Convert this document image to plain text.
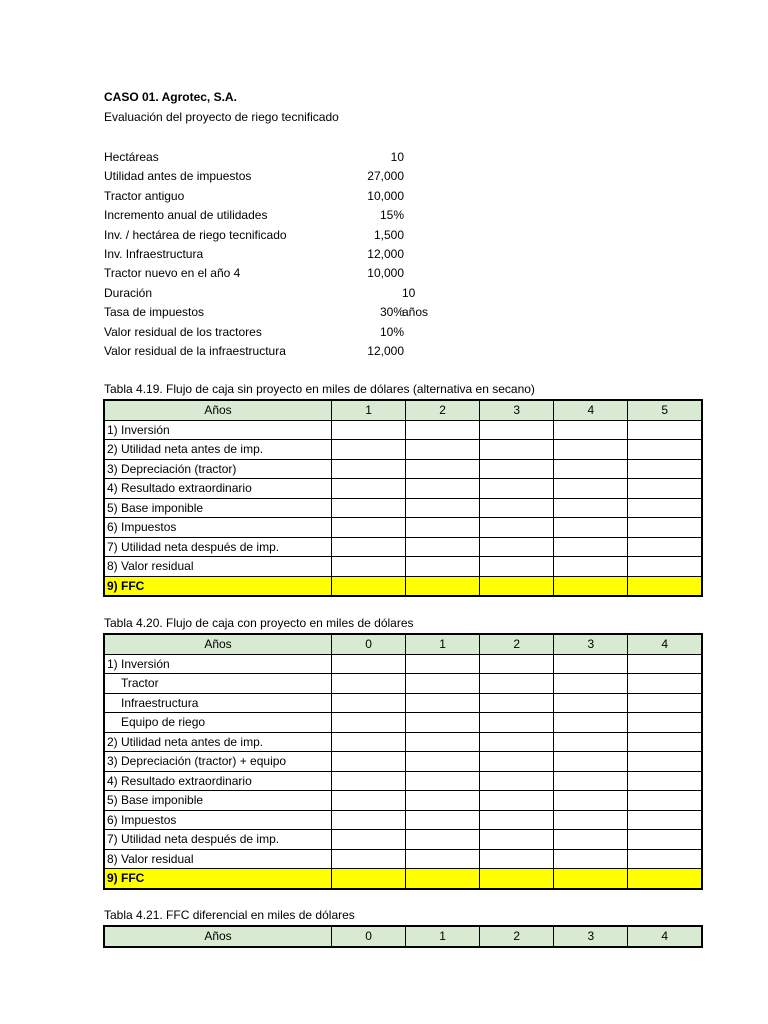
CASO 01. Agrotec, S.A.
Evaluación del proyecto de riego tecnificado
Hectáreas	10
Utilidad antes de impuestos	27,000
Tractor antiguo	10,000
Incremento anual de utilidades	15%
Inv. / hectárea de riego tecnificado	1,500
Inv. Infraestructura	12,000
Tractor nuevo en el año 4	10,000
Duración	10 años
Tasa de impuestos	30%
Valor residual de los tractores	10%
Valor residual de la infraestructura	12,000
Tabla 4.19. Flujo de caja sin proyecto en miles de dólares (alternativa en secano)
Años	1	2	3	4	5
1) Inversión					
2) Utilidad neta antes de imp.					
3) Depreciación (tractor)					
4) Resultado extraordinario					
5) Base imponible					
6) Impuestos					
7) Utilidad neta después de imp.					
8) Valor residual					
9) FFC					
Tabla 4.20. Flujo de caja con proyecto en miles de dólares
Años	0	1	2	3	4
1) Inversión					
Tractor					
Infraestructura					
Equipo de riego					
2) Utilidad neta antes de imp.					
3) Depreciación (tractor) + equipo					
4) Resultado extraordinario					
5) Base imponible					
6) Impuestos					
7) Utilidad neta después de imp.					
8) Valor residual					
9) FFC					
Tabla 4.21. FFC diferencial en miles de dólares
Años	0	1	2	3	4
